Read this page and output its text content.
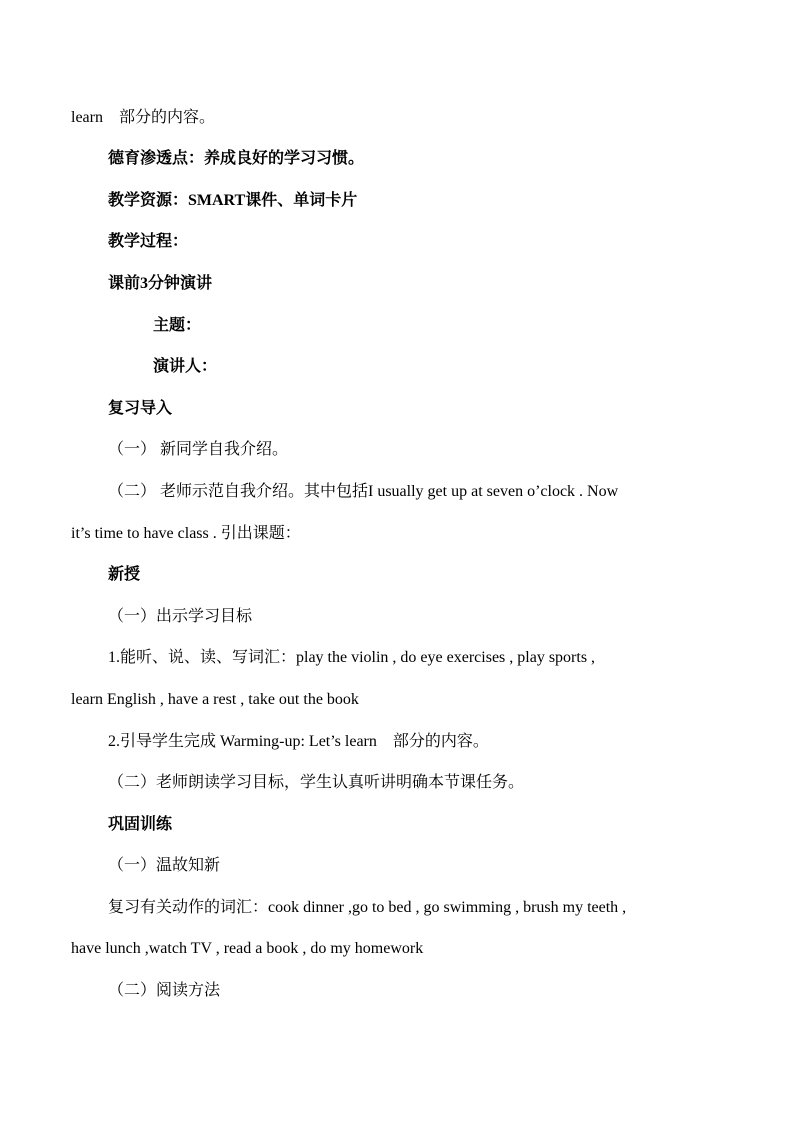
learn　部分的内容。
德育渗透点：养成良好的学习习惯。
教学资源：SMART课件、单词卡片
教学过程：
课前3分钟演讲
主题：
演讲人：
复习导入
（一） 新同学自我介绍。
（二） 老师示范自我介绍。其中包括I usually get up at seven o’clock . Now
it’s time to have class . 引出课题：
新授
（一）出示学习目标
1.能听、说、读、写词汇：play the violin , do eye exercises , play sports ,
learn English , have a rest , take out the book
2.引导学生完成 Warming-up: Let’s learn　部分的内容。
（二）老师朗读学习目标，学生认真听讲明确本节课任务。
巩固训练
（一）温故知新
复习有关动作的词汇：cook dinner ,go to bed , go swimming , brush my teeth ,
have lunch ,watch TV , read a book , do my homework
（二）阅读方法
